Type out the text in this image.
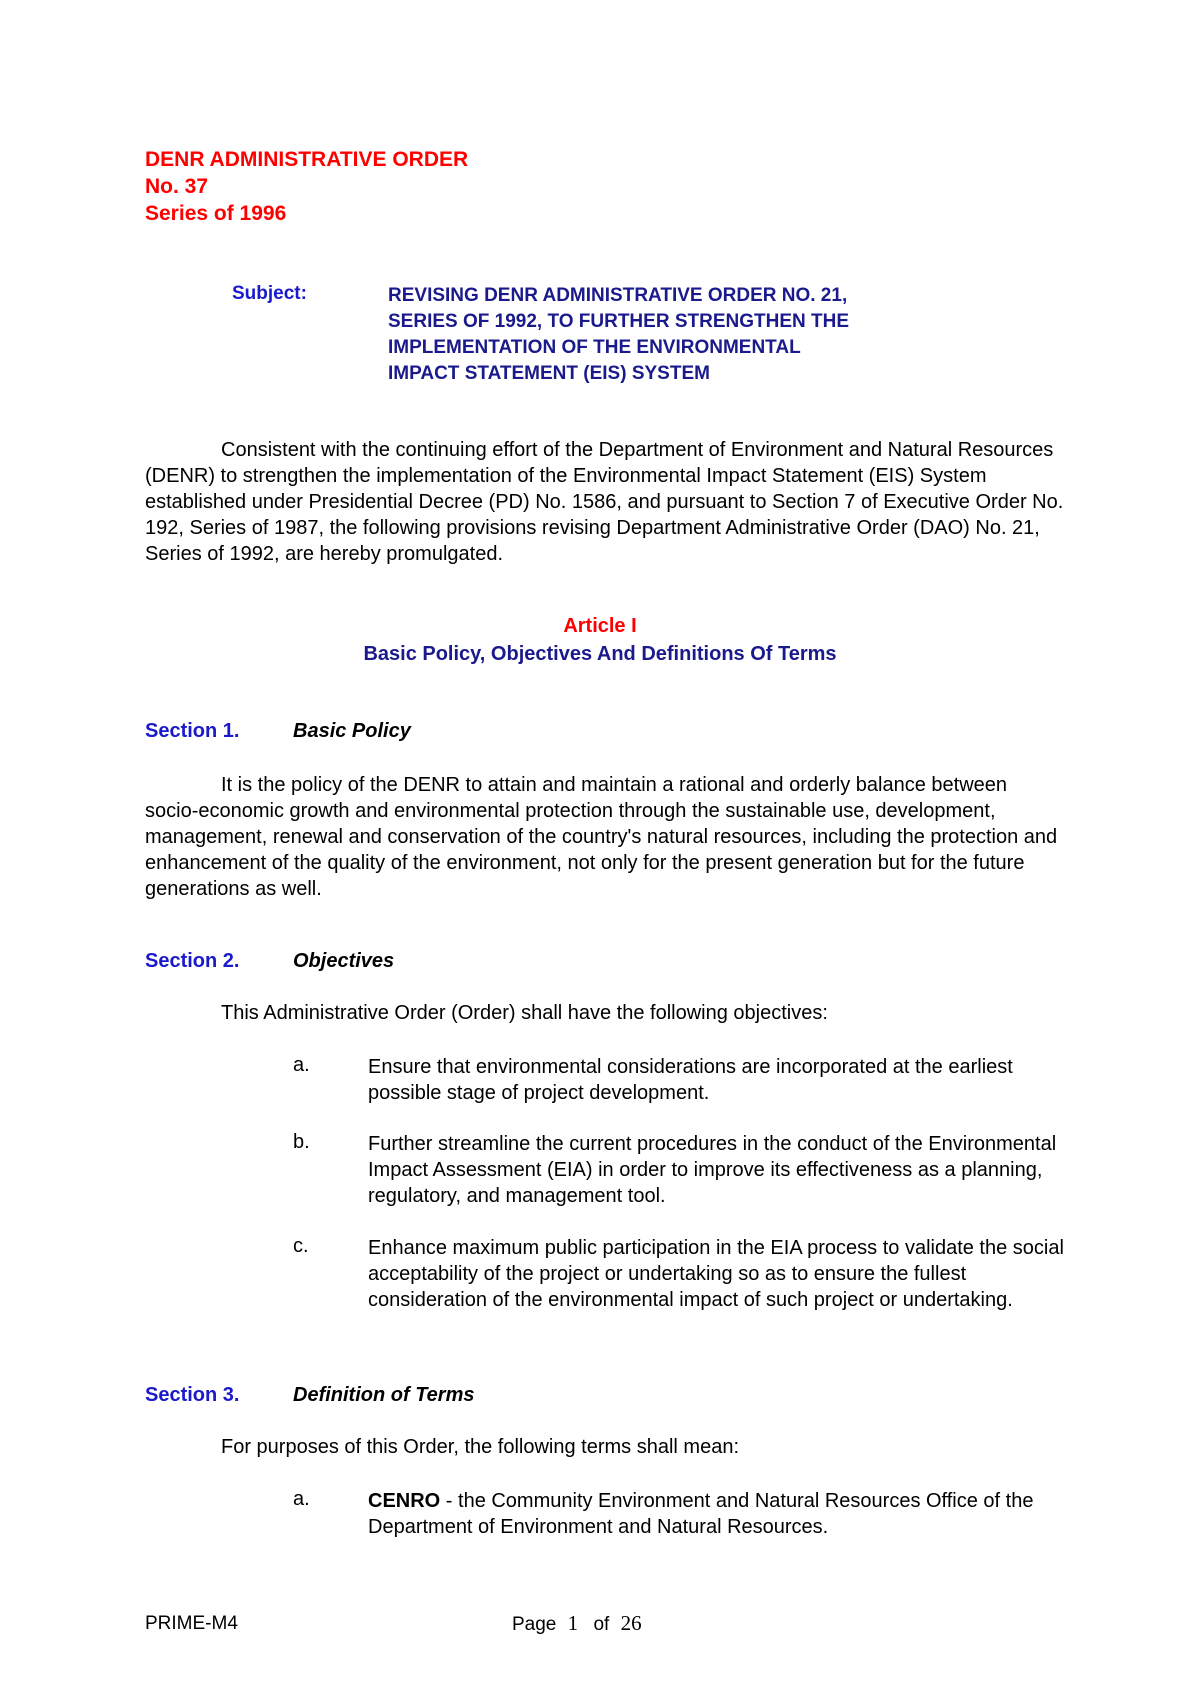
DENR ADMINISTRATIVE ORDER
No. 37
Series of 1996
Subject:	REVISING DENR ADMINISTRATIVE ORDER NO. 21,
SERIES OF 1992, TO FURTHER STRENGTHEN THE
IMPLEMENTATION OF THE ENVIRONMENTAL
IMPACT STATEMENT (EIS) SYSTEM
Consistent with the continuing effort of the Department of Environment and Natural Resources (DENR) to strengthen the implementation of the Environmental Impact Statement (EIS) System established under Presidential Decree (PD) No. 1586, and pursuant to Section 7 of Executive Order No. 192, Series of 1987, the following provisions revising Department Administrative Order (DAO) No. 21, Series of 1992, are hereby promulgated.
Article I
Basic Policy, Objectives And Definitions Of Terms
Section 1.	Basic Policy
It is the policy of the DENR to attain and maintain a rational and orderly balance between socio-economic growth and environmental protection through the sustainable use, development, management, renewal and conservation of the country's natural resources, including the protection and enhancement of the quality of the environment, not only for the present generation but for the future generations as well.
Section 2.	Objectives
This Administrative Order (Order) shall have the following objectives:
a.	Ensure that environmental considerations are incorporated at the earliest possible stage of project development.
b.	Further streamline the current procedures in the conduct of the Environmental Impact Assessment (EIA) in order to improve its effectiveness as a planning, regulatory, and management tool.
c.	Enhance maximum public participation in the EIA process to validate the social acceptability of the project or undertaking so as to ensure the fullest consideration of the environmental impact of such project or undertaking.
Section 3.	Definition of Terms
For purposes of this Order, the following terms shall mean:
a.	CENRO - the Community Environment and Natural Resources Office of the Department of Environment and Natural Resources.
PRIME-M4	Page 1 of 26
